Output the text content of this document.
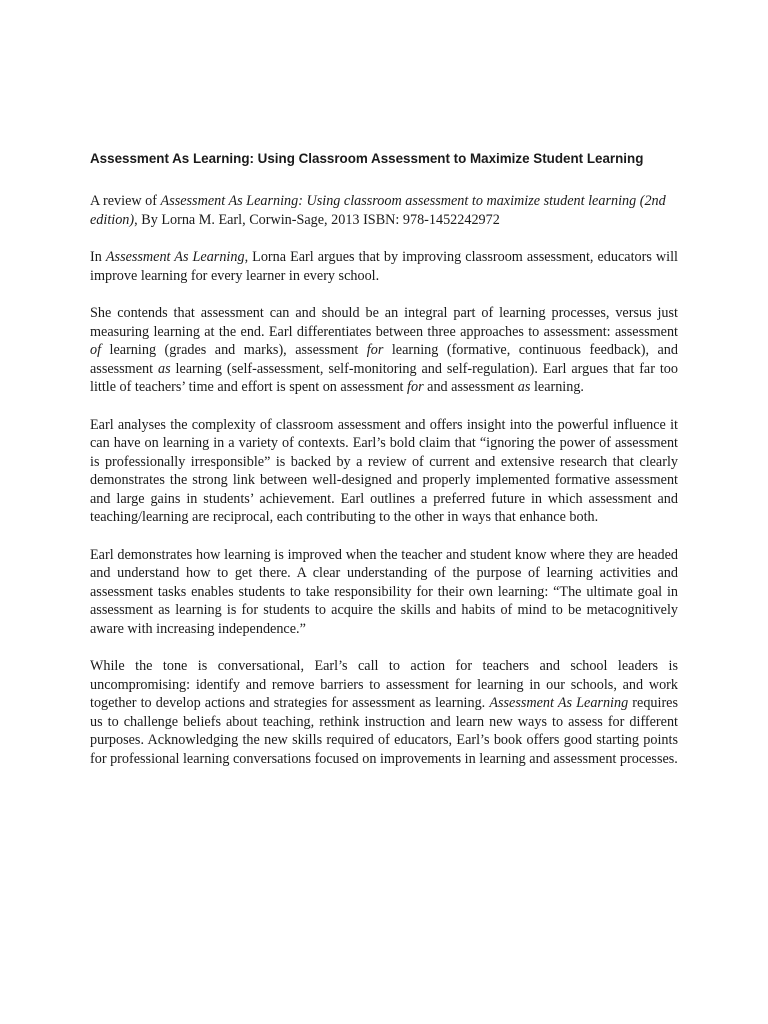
Assessment As Learning: Using Classroom Assessment to Maximize Student Learning

A review of Assessment As Learning: Using classroom assessment to maximize student learning (2nd edition), By Lorna M. Earl, Corwin-Sage, 2013 ISBN: 978-1452242972

In Assessment As Learning, Lorna Earl argues that by improving classroom assessment, educators will improve learning for every learner in every school.

She contends that assessment can and should be an integral part of learning processes, versus just measuring learning at the end. Earl differentiates between three approaches to assessment: assessment of learning (grades and marks), assessment for learning (formative, continuous feedback), and assessment as learning (self-assessment, self-monitoring and self-regulation). Earl argues that far too little of teachers’ time and effort is spent on assessment for and assessment as learning.

Earl analyses the complexity of classroom assessment and offers insight into the powerful influence it can have on learning in a variety of contexts. Earl’s bold claim that “ignoring the power of assessment is professionally irresponsible” is backed by a review of current and extensive research that clearly demonstrates the strong link between well-designed and properly implemented formative assessment and large gains in students’ achievement. Earl outlines a preferred future in which assessment and teaching/learning are reciprocal, each contributing to the other in ways that enhance both.

Earl demonstrates how learning is improved when the teacher and student know where they are headed and understand how to get there. A clear understanding of the purpose of learning activities and assessment tasks enables students to take responsibility for their own learning: “The ultimate goal in assessment as learning is for students to acquire the skills and habits of mind to be metacognitively aware with increasing independence.”

While the tone is conversational, Earl’s call to action for teachers and school leaders is uncompromising: identify and remove barriers to assessment for learning in our schools, and work together to develop actions and strategies for assessment as learning. Assessment As Learning requires us to challenge beliefs about teaching, rethink instruction and learn new ways to assess for different purposes. Acknowledging the new skills required of educators, Earl’s book offers good starting points for professional learning conversations focused on improvements in learning and assessment processes.
